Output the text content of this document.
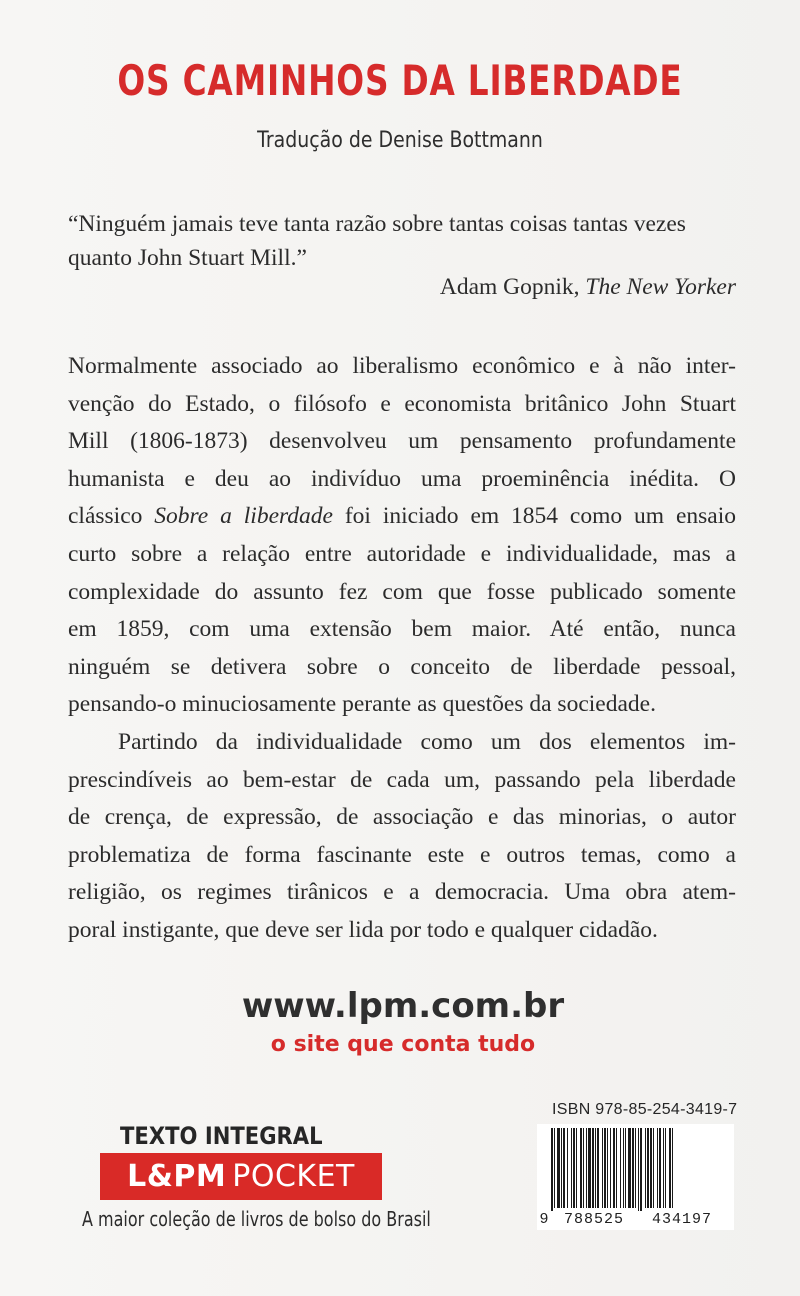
OS CAMINHOS DA LIBERDADE
Tradução de Denise Bottmann
“Ninguém jamais teve tanta razão sobre tantas coisas tantas vezes
quanto John Stuart Mill.”
Adam Gopnik, The New Yorker

Normalmente associado ao liberalismo econômico e à não inter-
venção do Estado, o filósofo e economista britânico John Stuart
Mill (1806-1873) desenvolveu um pensamento profundamente
humanista e deu ao indivíduo uma proeminência inédita. O
clássico Sobre a liberdade foi iniciado em 1854 como um ensaio
curto sobre a relação entre autoridade e individualidade, mas a
complexidade do assunto fez com que fosse publicado somente
em 1859, com uma extensão bem maior. Até então, nunca
ninguém se detivera sobre o conceito de liberdade pessoal,
pensando-o minuciosamente perante as questões da sociedade.

Partindo da individualidade como um dos elementos im-
prescindíveis ao bem-estar de cada um, passando pela liberdade
de crença, de expressão, de associação e das minorias, o autor
problematiza de forma fascinante este e outros temas, como a
religião, os regimes tirânicos e a democracia. Uma obra atem-
poral instigante, que deve ser lida por todo e qualquer cidadão.

www.lpm.com.br
o site que conta tudo
TEXTO INTEGRAL
L&PM POCKET
A maior coleção de livros de bolso do Brasil
ISBN 978-85-254-3419-7
9	788525	434197
